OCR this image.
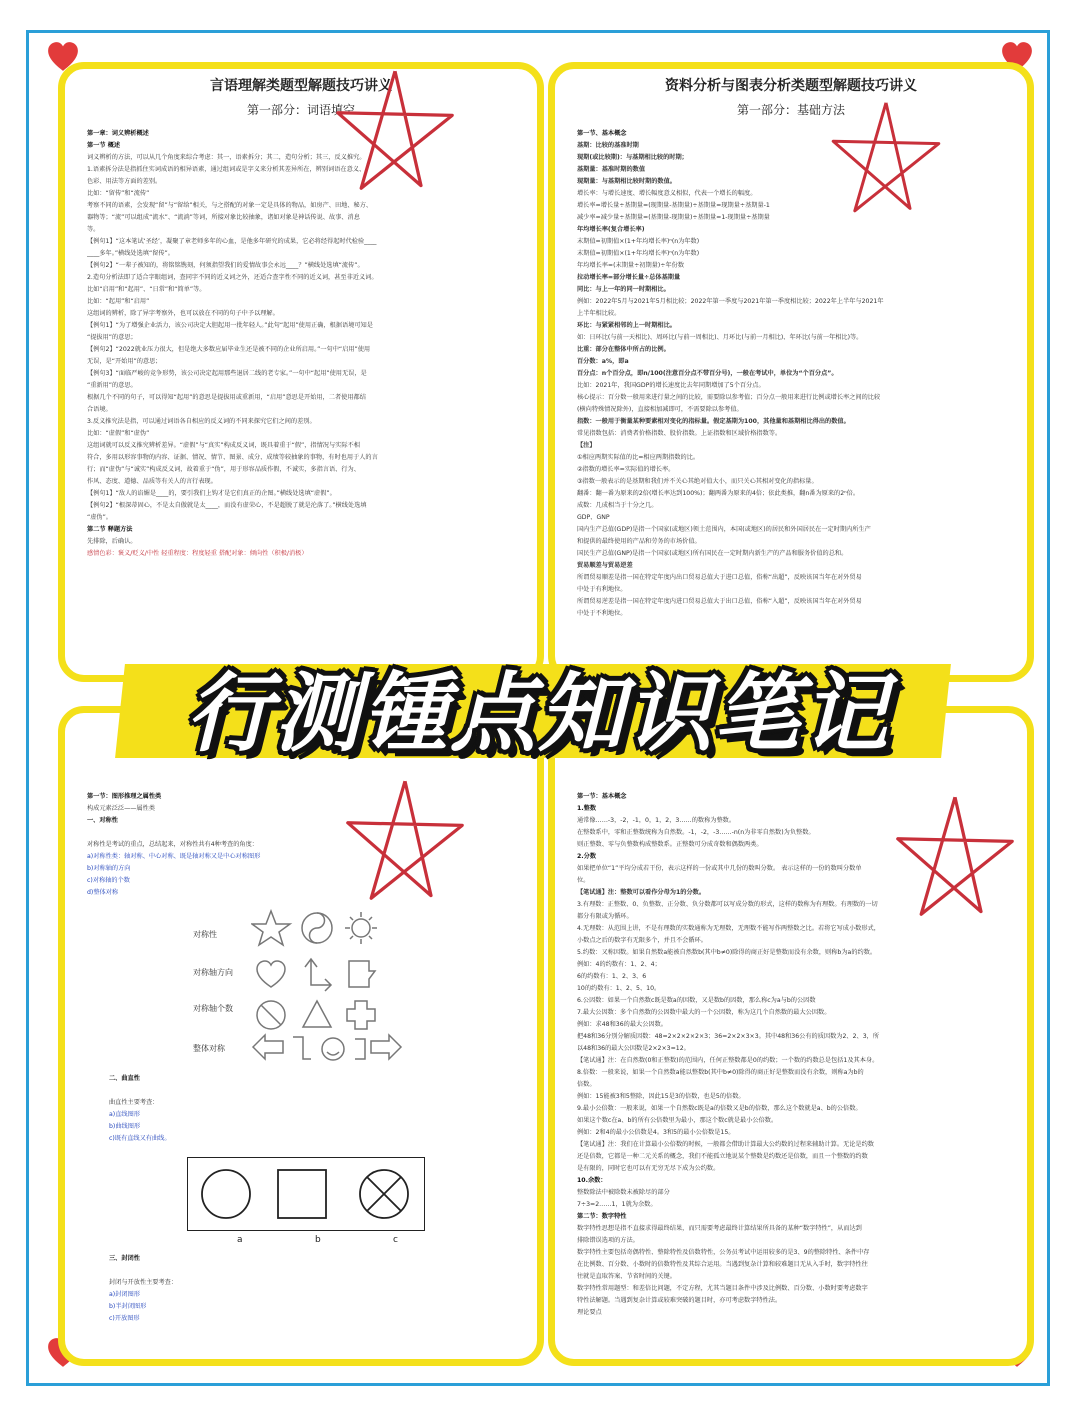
言语理解类题型解题技巧讲义
第一部分：词语填空
第一章：词义辨析概述
第一节 概述
词义辨析的方法，可以从几个角度来综合考虑：其一，语素拆分；其二，造句分析；其三，反义推究。
1.语素拆分法是指抓住实词成语的相异语素，通过组词或是字义来分析其差异所在，辨别词语在意义、
色彩、用法等方面的差别。
比如：“留传”和“流传”
考察不同的语素，会发现“留”与“留给”相关，与之搭配的对象一定是具体的物品，如房产、田地、秘方、
器物等；“流”可以组成“流水”、“流淌”等词，所接对象比较抽象，诸如对象是神话传说、故事、消息
等。
【例句1】“这本笔试‘圣经’，凝聚了章老师多年的心血，是他多年研究的成果，它必将经得起时代检验____
____多年。”横线处选填“留传”。
【例句2】“一辈子被知的，将铭铭镌刻，何须指望我们的爱情故事会永远____？”横线处选填“流传”。
2.造句分析法即了适合字眼组词，查同字不同的近义词之外，还适合查字性不同的近义词，甚至非近义词。
比如“启用”和“起用”、“日常”和“简单”等。
比如：“起用”和“启用”
这组词的辨析，除了异字考察外，也可以放在不同的句子中予以理解。
【例句1】“为了增强企业活力，该公司决定大胆起用一批年轻人。”此句“起用”使用正确，根据语境可知是
“提拔用”的意思；
【例句2】“2022就业压力很大，但是绝大多数应届毕业生还是被不同的企业所启用。”一句中“启用”使用
无误，是“开始用”的意思；
【例句3】“面临严峻的竞争形势，该公司决定起用那些退居二线的老专家。”一句中“起用”使用无误，是
“重新用”的意思。
根据几个不同的句子，可以得知“起用”的意思是提拔用或重新用，“启用”意思是开始用，二者使用都结
合语境。
3.反义推究法是指，可以通过词语各自相应的反义词的不同来探究它们之间的差别。
比如：“虚假”和“虚伪”
这组词就可以反义推究辨析差异。“虚假”与“真实”构成反义词，既具着重于“假”，指情况与实际不相
符合，多用以形容事物的内容、证据、情况、情节、图景、成分、成绩等较抽象的事物，有时也用于人的言
行；而“虚伪”与“诚实”构成反义词，故着重于“伪”，用于形容品质作假，不诚实，多指言语、行为、
作风、态度、道德、品质等有关人的言行表现。
【例句1】“敌人的谄媚是____的，要引我们上钩才是它们真正的企图。”横线处选填“虚假”。
【例句2】“根深蒂固心，不是太自傲就是太____，而没有虚荣心，不是超脱了就是沦落了。”横线处选填
“虚伪”。
第二节 释题方法
先排除，后确认。
感情色彩：褒义/贬义/中性 轻重程度：程度轻重 搭配对象：倾向性（积极/消极）
资料分析与图表分析类题型解题技巧讲义
第一部分：基础方法
第一节、基本概念
基期：比较的基准时期
现期(或比较期)：与基期相比较的时期；
基期量：基准时期的数值
现期量：与基期相比较时期的数值。
增长率：与增长速度、增长幅度意义相似，代表一个增长的幅度。
增长率=增长量÷基期量=(现期量-基期量)÷基期量=现期量÷基期量-1
减少率=减少量÷基期量=(基期量-现期量)÷基期量=1-现期量÷基期量
年均增长率(复合增长率)
末期值=初期值×(1+年均增长率)ⁿ(n为年数)
末期值=初期值×(1+年均增长率)ⁿ(n为年数)
年均增长率=(末期量÷初期量)÷年份数
拉动增长率=部分增长量÷总体基期量
同比：与上一年的同一时期相比。
例如：2022年5月与2021年5月相比较；2022年第一季度与2021年第一季度相比较；2022年上半年与2021年
上半年相比较。
环比：与紧紧相邻的上一时期相比。
如：日环比(与前一天相比)、周环比(与前一周相比)、月环比(与前一月相比)、年环比(与前一年相比)等。
比重：部分在整体中所占的比例。
百分数：a%，即a
百分点：n个百分点，即n/100(注意百分点不带百分号)，一般在考试中，单位为“个百分点”。
比如：2021年，我国GDP的增长速度比去年同期增加了5个百分点。
核心提示：百分数一般用来进行量之间的比较，需要除以参考值；百分点一般用来进行比例或增长率之间的比较
(横向特殊情况除外)，直接相加减即可，不需要除以参考值。
指数：一般用于衡量某种要素相对变化的指标量。假定基期为100，其他量和基期相比得出的数值。
常见指数包括：消费者价格指数、股价指数。上证指数和区域价格指数等。
【注】
①相应两期实际值的比=相应两期指数的比。
②指数的增长率=实际值的增长率。
③指数一般表示的是基期和我们并不关心其绝对值大小，而只关心其相对变化的指标量。
翻番：翻一番为原来的2倍(增长率达到100%)；翻两番为原来的4倍；依此类推，翻n番为原来的2ⁿ倍。
成数：几成相当于十分之几。
GDP、GNP
国内生产总值(GDP)是指一个国家(或地区)领土范围内，本国(或地区)的居民和外国居民在一定时期内所生产
和提供的最终使用的产品和劳务的市场价值。
国民生产总值(GNP)是指一个国家(或地区)所有国民在一定时期内新生产的产品和服务价值的总和。
贸易顺差与贸易逆差
所谓贸易顺差是指一国在特定年度内出口贸易总值大于进口总值，俗称“出超”，反映该国当年在对外贸易
中处于有利地位。
所谓贸易逆差是指一国在特定年度内进口贸易总值大于出口总值，俗称“入超”，反映该国当年在对外贸易
中处于不利地位。
第一节：图形推理之属性类
构成元素泛泛——属性类
一、对称性

对称性是考试的重点，总结起来，对称性共有4种考查的角度：
a)对称性类：轴对称、中心对称、既是轴对称又是中心对称图形
b)对称轴的方向
c)对称轴的个数
d)整体对称
对称性
对称轴方向
对称轴个数
整体对称
二、曲直性

曲直性主要考查：
a)直线图形
b)曲线图形
c)既有直线又有曲线。
a	b	c
三、封闭性

封闭与开放性主要考查：
a)封闭图形
b)半封闭图形
c)开放图形
第一节：基本概念
1.整数
通常像……-3，-2，-1，0，1，2，3……的数称为整数。
在整数系中，零和正整数统称为自然数。-1，-2，-3……-n(n为非零自然数)为负整数。
则正整数、零与负整数构成整数系。正整数可分成奇数和偶数两类。
2.分数
如果把单位“1”平均分成若干份，表示这样的一份或其中几份的数叫分数。 表示这样的一份的数叫分数单
位。
【笔试通】注：整数可以看作分母为1的分数。
3.有理数：正整数、0、负整数、正分数、负分数都可以写成分数的形式，这样的数称为有理数。有理数的一切
都分有限或为循环。
4.无理数：从范围上讲，不是有理数的实数通称为无理数，无理数不能写作两整数之比。若将它写成小数形式，
小数点之后的数字有无限多个，并且不会循环。
5.约数：又称因数。如果自然数a能被自然数b(其中b≠0)除得的商正好是整数而没有余数，则称b为a的约数。
例如：4的约数有：1、2、4；
6的约数有：1、2、3、6
10的约数有：1、2、5、10。
6.公因数：如果一个自然数c既是数a的因数，又是数b的因数，那么称c为a与b的公因数
7.最大公因数：多个自然数的公因数中最大的一个公因数，称为这几个自然数的最大公因数。
例如：求48和36的最大公因数。
把48和36分别分解质因数：48=2×2×2×2×3；36=2×2×3×3。其中48和36公有的质因数为2、2、3，所
以48和36的最大公因数是2×2×3=12。
【笔试通】注：在自然数(0和正整数)的范围内，任何正整数都是0的约数；一个数的约数总是包括1及其本身。
8.倍数：一般来说，如果一个自然数a能以整数b(其中b≠0)除得的商正好是整数而没有余数，则称a为b的
倍数。
例如：15能被3和5整除，因此15是3的倍数，也是5的倍数。
9.最小公倍数：一般来说，如果一个自然数c既是a的倍数又是b的倍数，那么这个数就是a、b的公倍数。
如果这个数c在a、b的所有公倍数里为最小，那这个数c就是最小公倍数。
例如：2和4的最小公倍数是4。3和5的最小公倍数是15。
【笔试通】注：我们在计算最小公倍数的时候，一般都会借助计算最大公约数的过程来辅助计算。无论是约数
还是倍数，它都是一种二元关系的概念，我们不能孤立地说某个整数是约数还是倍数，而且一个整数的约数
是有限的，同时它也可以有无穷无尽下成为公约数。
10.余数：
整数除法中被除数未被除尽的部分
7÷3=2……1，1就为余数。
第二节：数字特性
数字特性思想是指不直接求得最终结果，而只需要考虑最终计算结果所具备的某种“数字特性”，从而达到
排除错误选项的方法。
数字特性主要包括奇偶特性、整除特性及倍数特性，公务员考试中运用较多的是3、9的整除特性、条件中存
在比例数、百分数、小数时的倍数特性及其综合运用。当遇到复杂计算和较难题目无从入手时，数字特性往
往就是直取答案、节省时间的关键。
数字特性常用题型：和差倍比问题，不定方程，尤其当题目条件中涉及比例数、百分数、小数时要考虑数字
特性法解题。当遇到复杂计算或较难突破的题目时，亦可考虑数字特性法。
理论要点
行测锺点知识笔记
